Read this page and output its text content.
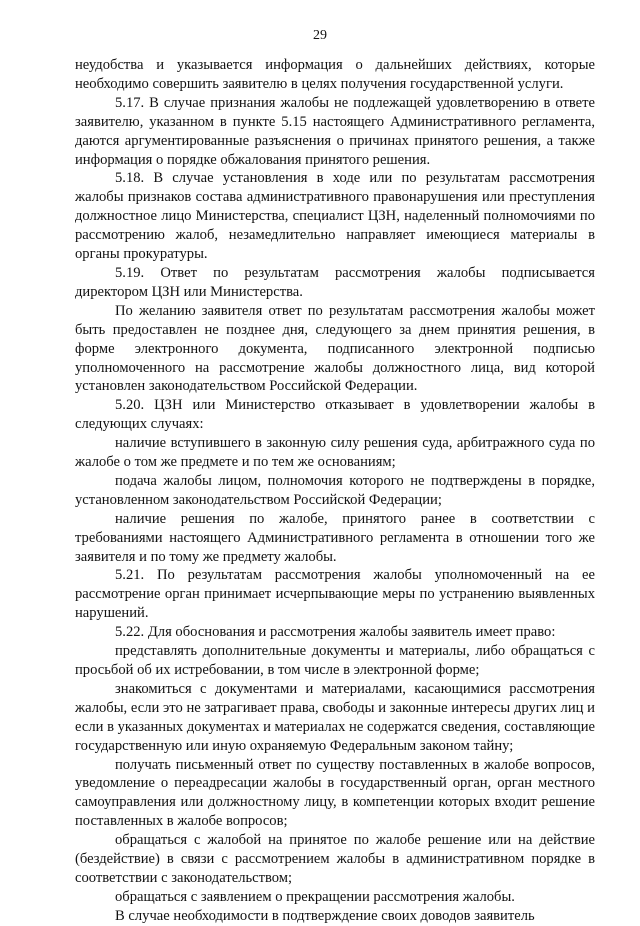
29

неудобства и указывается информация о дальнейших действиях, которые необходимо совершить заявителю в целях получения государственной услуги.

5.17. В случае признания жалобы не подлежащей удовлетворению в ответе заявителю, указанном в пункте 5.15 настоящего Административного регламента, даются аргументированные разъяснения о причинах принятого решения, а также информация о порядке обжалования принятого решения.

5.18. В случае установления в ходе или по результатам рассмотрения жалобы признаков состава административного правонарушения или преступления должностное лицо Министерства, специалист ЦЗН, наделенный полномочиями по рассмотрению жалоб, незамедлительно направляет имеющиеся материалы в органы прокуратуры.

5.19. Ответ по результатам рассмотрения жалобы подписывается директором ЦЗН или Министерства.

По желанию заявителя ответ по результатам рассмотрения жалобы может быть предоставлен не позднее дня, следующего за днем принятия решения, в форме электронного документа, подписанного электронной подписью уполномоченного на рассмотрение жалобы должностного лица, вид которой установлен законодательством Российской Федерации.

5.20. ЦЗН или Министерство отказывает в удовлетворении жалобы в следующих случаях:

наличие вступившего в законную силу решения суда, арбитражного суда по жалобе о том же предмете и по тем же основаниям;

подача жалобы лицом, полномочия которого не подтверждены в порядке, установленном законодательством Российской Федерации;

наличие решения по жалобе, принятого ранее в соответствии с требованиями настоящего Административного регламента в отношении того же заявителя и по тому же предмету жалобы.

5.21. По результатам рассмотрения жалобы уполномоченный на ее рассмотрение орган принимает исчерпывающие меры по устранению выявленных нарушений.

5.22. Для обоснования и рассмотрения жалобы заявитель имеет право:

представлять дополнительные документы и материалы, либо обращаться с просьбой об их истребовании, в том числе в электронной форме;

знакомиться с документами и материалами, касающимися рассмотрения жалобы, если это не затрагивает права, свободы и законные интересы других лиц и если в указанных документах и материалах не содержатся сведения, составляющие государственную или иную охраняемую Федеральным законом тайну;

получать письменный ответ по существу поставленных в жалобе вопросов, уведомление о переадресации жалобы в государственный орган, орган местного самоуправления или должностному лицу, в компетенции которых входит решение поставленных в жалобе вопросов;

обращаться с жалобой на принятое по жалобе решение или на действие (бездействие) в связи с рассмотрением жалобы в административном порядке в соответствии с законодательством;

обращаться с заявлением о прекращении рассмотрения жалобы.

В случае необходимости в подтверждение своих доводов заявитель
